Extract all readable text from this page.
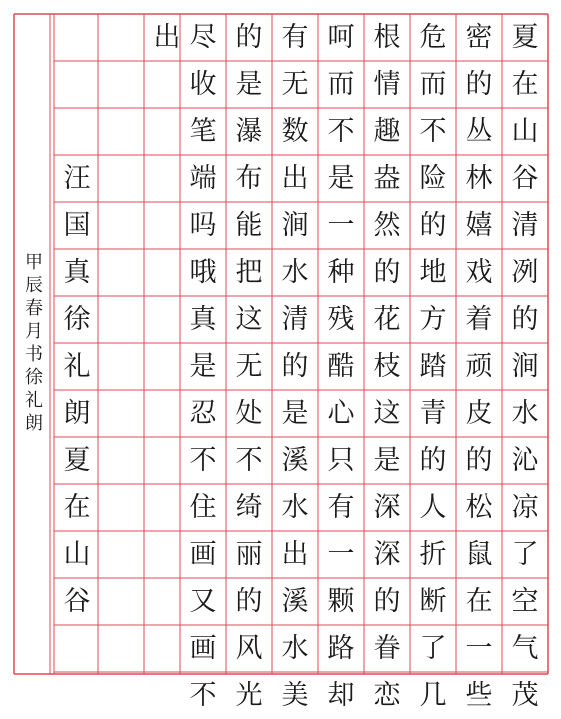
夏
在
山
谷
清
冽
的
涧
水
沁
凉
了
空
气
茂
密
的
丛
林
嬉
戏
着
顽
皮
的
松
鼠
在
一
些
危
而
不
险
的
地
方
踏
青
的
人
折
断
了
几
根
情
趣
盎
然
的
花
枝
这
是
深
深
的
眷
恋
呵
而
不
是
一
种
残
酷
心
只
有
一
颗
路
却
有
无
数
出
涧
水
清
的
是
溪
水
出
溪
水
美
的
是
瀑
布
能
把
这
无
处
不
绮
丽
的
风
光
尽
收
笔
端
吗
哦
真
是
忍
不
住
画
又
画
不
出
汪
国
真
徐
礼
朗
夏
在
山
谷
甲辰春月书徐礼朗
